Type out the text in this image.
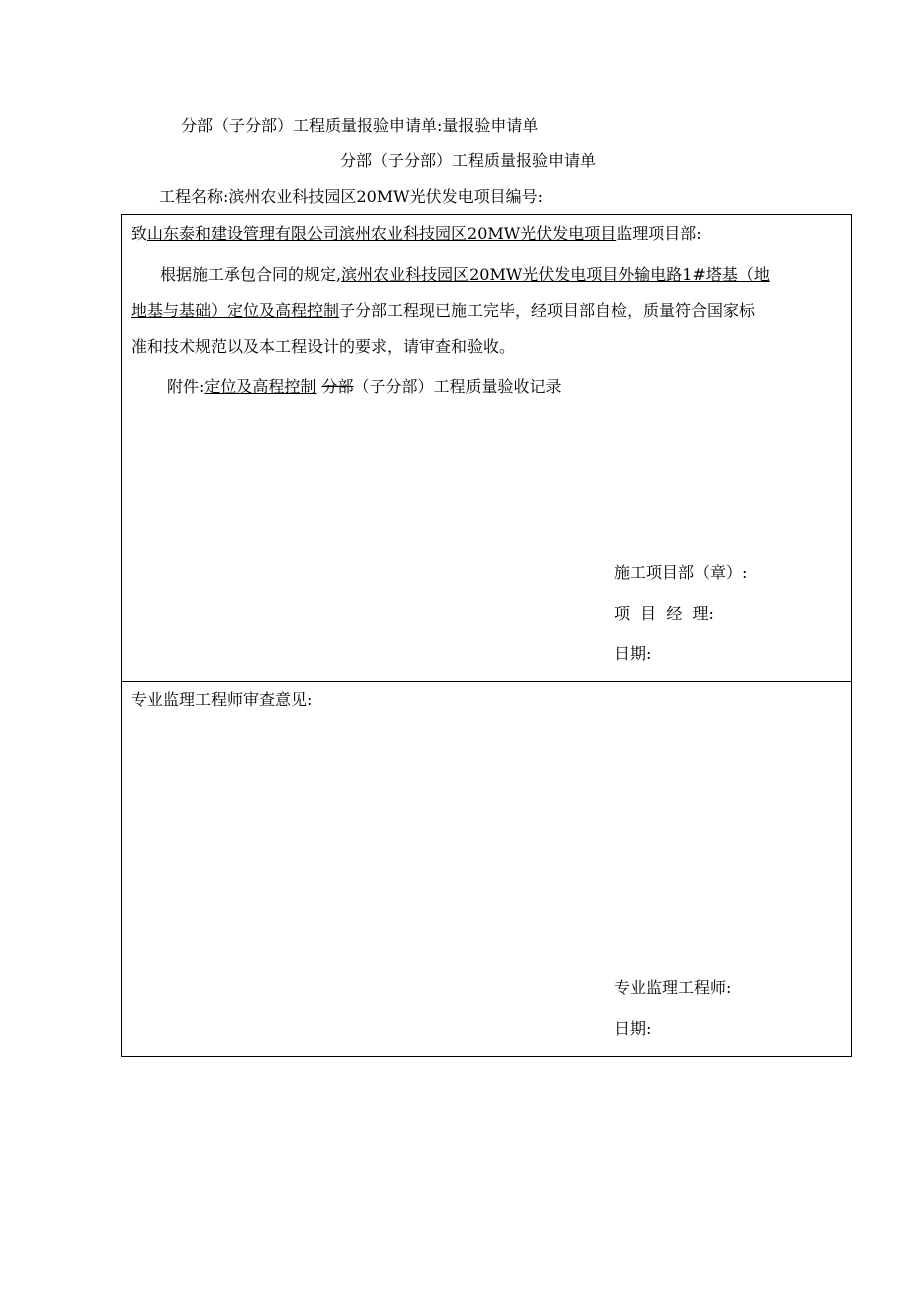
分部（子分部）工程质量报验申请单:量报验申请单
分部（子分部）工程质量报验申请单
工程名称:滨州农业科技园区20MW光伏发电项目编号:
致山东泰和建设管理有限公司滨州农业科技园区20MW光伏发电项目监理项目部:
根据施工承包合同的规定,滨州农业科技园区20MW光伏发电项目外输电路1#塔基（地
地基与基础）定位及高程控制子分部工程现已施工完毕，经项目部自检，质量符合国家标
准和技术规范以及本工程设计的要求，请审查和验收。
附件:定位及高程控制 分部（子分部）工程质量验收记录
施工项目部（章）:
项  目  经  理:
日期:
专业监理工程师审查意见:
专业监理工程师:
日期:
